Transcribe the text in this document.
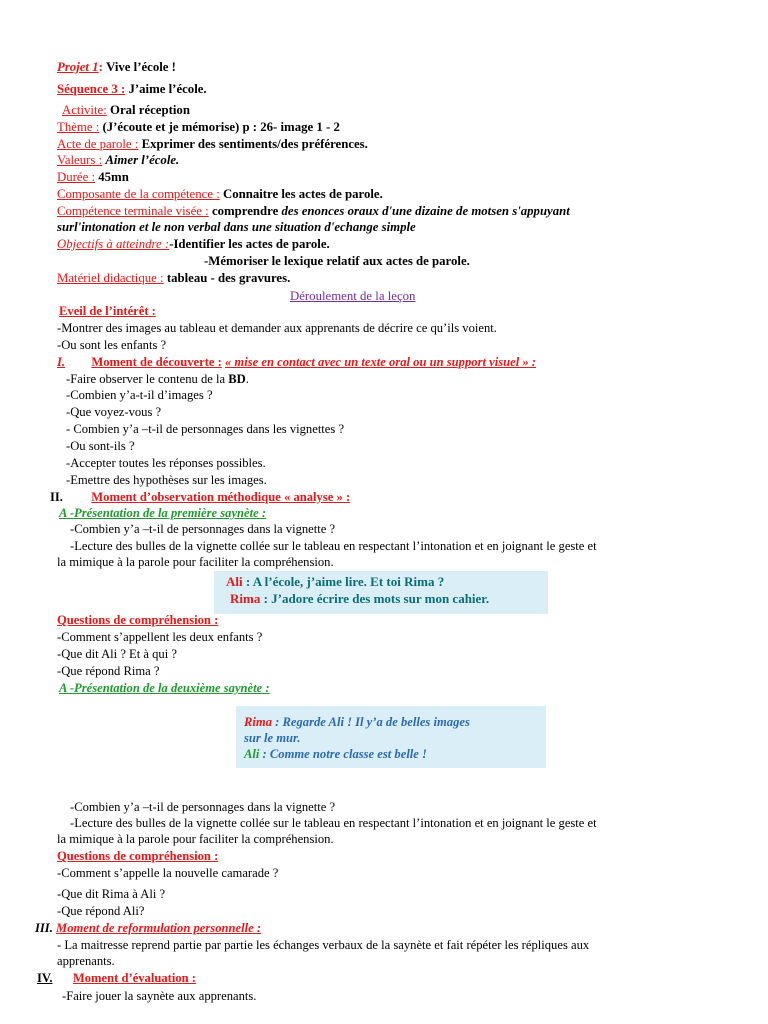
Projet 1: Vive l’école !
Séquence 3 : J’aime l’école.
Activite: Oral réception
Thème : (J’écoute et je mémorise) p : 26- image 1 - 2
Acte de parole : Exprimer des sentiments/des préférences.
Valeurs : Aimer l’école.
Durée : 45mn
Composante de la compétence : Connaitre les actes de parole.
Compétence terminale visée : comprendre des enonces oraux d'une dizaine de motsen s'appuyant
surl'intonation et le non verbal dans une situation d'echange simple
Objectifs à atteindre :-Identifier les actes de parole.
-Mémoriser le lexique relatif aux actes de parole.
Matériel didactique : tableau - des gravures.
Déroulement de la leçon
Eveil de l’intérêt :
-Montrer des images au tableau et demander aux apprenants de décrire ce qu’ils voient.
-Ou sont les enfants ?
I. Moment de découverte : « mise en contact avec un texte oral ou un support visuel » :
-Faire observer le contenu de la BD.
-Combien y’a-t-il d’images ?
-Que voyez-vous ?
- Combien y’a –t-il de personnages dans les vignettes ?
-Ou sont-ils ?
-Accepter toutes les réponses possibles.
-Emettre des hypothèses sur les images.
II. Moment d’observation méthodique « analyse » :
A -Présentation de la première saynète :
-Combien y’a –t-il de personnages dans la vignette ?
-Lecture des bulles de la vignette collée sur le tableau en respectant l’intonation et en joignant le geste et
la mimique à la parole pour faciliter la compréhension.
Ali : A l’école, j’aime lire. Et toi Rima ?
Rima : J’adore écrire des mots sur mon cahier.
Questions de compréhension :
-Comment s’appellent les deux enfants ?
-Que dit Ali ? Et à qui ?
-Que répond Rima ?
A -Présentation de la deuxième saynète :
Rima : Regarde Ali ! Il y’a de belles images
sur le mur.
Ali : Comme notre classe est belle !
-Combien y’a –t-il de personnages dans la vignette ?
-Lecture des bulles de la vignette collée sur le tableau en respectant l’intonation et en joignant le geste et
la mimique à la parole pour faciliter la compréhension.
Questions de compréhension :
-Comment s’appelle la nouvelle camarade ?
-Que dit Rima à Ali ?
-Que répond Ali?
III. Moment de reformulation personnelle :
- La maitresse reprend partie par partie les échanges verbaux de la saynète et fait répéter les répliques aux
apprenants.
IV. Moment d’évaluation :
-Faire jouer la saynète aux apprenants.
